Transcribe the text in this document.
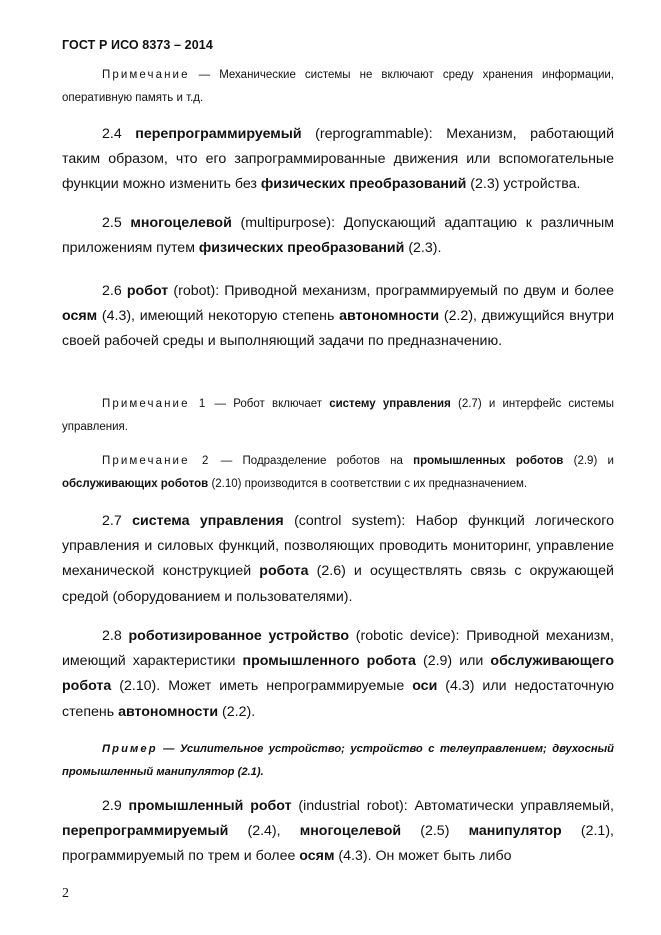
ГОСТ Р ИСО 8373 – 2014
Примечание — Механические системы не включают среду хранения информации, оперативную память и т.д.
2.4 перепрограммируемый (reprogrammable): Механизм, работающий таким образом, что его запрограммированные движения или вспомогательные функции можно изменить без физических преобразований (2.3) устройства.
2.5 многоцелевой (multipurpose): Допускающий адаптацию к различным приложениям путем физических преобразований (2.3).
2.6 робот (robot): Приводной механизм, программируемый по двум и более осям (4.3), имеющий некоторую степень автономности (2.2), движущийся внутри своей рабочей среды и выполняющий задачи по предназначению.
Примечание 1 — Робот включает систему управления (2.7) и интерфейс системы управления.
Примечание 2 — Подразделение роботов на промышленных роботов (2.9) и обслуживающих роботов (2.10) производится в соответствии с их предназначением.
2.7 система управления (control system): Набор функций логического управления и силовых функций, позволяющих проводить мониторинг, управление механической конструкцией робота (2.6) и осуществлять связь с окружающей средой (оборудованием и пользователями).
2.8 роботизированное устройство (robotic device): Приводной механизм, имеющий характеристики промышленного робота (2.9) или обслуживающего робота (2.10). Может иметь непрограммируемые оси (4.3) или недостаточную степень автономности (2.2).
Пример — Усилительное устройство; устройство с телеуправлением; двухосный промышленный манипулятор (2.1).
2.9 промышленный робот (industrial robot): Автоматически управляемый, перепрограммируемый (2.4), многоцелевой (2.5) манипулятор (2.1), программируемый по трем и более осям (4.3). Он может быть либо
2
